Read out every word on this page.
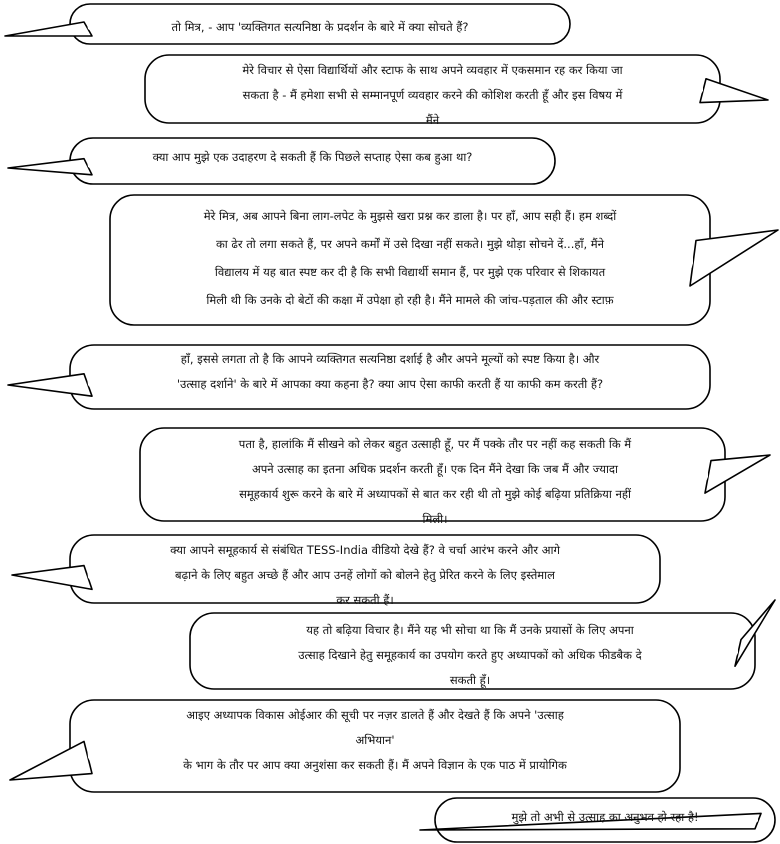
तो मित्र, - आप 'व्यक्तिगत सत्यनिष्ठा के प्रदर्शन के बारे में क्या सोचते हैं?

मेरे विचार से ऐसा विद्यार्थियों और स्टाफ के साथ अपने व्यवहार में एकसमान रह कर किया जा

सकता है - मैं हमेशा सभी से सम्मानपूर्ण व्यवहार करने की कोशिश करती हूँ और इस विषय में

मैंने

क्या आप मुझे एक उदाहरण दे सकती हैं कि पिछले सप्ताह ऐसा कब हुआ था?

मेरे मित्र, अब आपने बिना लाग-लपेट के मुझसे खरा प्रश्न कर डाला है। पर हाँ, आप सही हैं। हम शब्दों

का ढेर तो लगा सकते हैं, पर अपने कर्मों में उसे दिखा नहीं सकते। मुझे थोड़ा सोचने दें...हाँ, मैंने

विद्यालय में यह बात स्पष्ट कर दी है कि सभी विद्यार्थी समान हैं, पर मुझे एक परिवार से शिकायत

मिली थी कि उनके दो बेटों की कक्षा में उपेक्षा हो रही है। मैंने मामले की जांच-पड़ताल की और स्टाफ़

हाँ, इससे लगता तो है कि आपने व्यक्तिगत सत्यनिष्ठा दर्शाई है और अपने मूल्यों को स्पष्ट किया है। और

'उत्साह दर्शाने' के बारे में आपका क्या कहना है? क्या आप ऐसा काफी करती हैं या काफी कम करती हैं?

पता है, हालांकि मैं सीखने को लेकर बहुत उत्साही हूँ, पर मैं पक्के तौर पर नहीं कह सकती कि मैं

अपने उत्साह का इतना अधिक प्रदर्शन करती हूँ। एक दिन मैंने देखा कि जब मैं और ज्यादा

समूहकार्य शुरू करने के बारे में अध्यापकों से बात कर रही थी तो मुझे कोई बढ़िया प्रतिक्रिया नहीं

मिली।

क्या आपने समूहकार्य से संबंधित TESS-India वीडियो देखे हैं? वे चर्चा आरंभ करने और आगे

बढ़ाने के लिए बहुत अच्छे हैं और आप उनहें लोगों को बोलने हेतु प्रेरित करने के लिए इस्तेमाल

कर सकती हैं।

यह तो बढ़िया विचार है। मैंने यह भी सोचा था कि मैं उनके प्रयासों के लिए अपना

उत्साह दिखाने हेतु समूहकार्य का उपयोग करते हुए अध्यापकों को अधिक फीडबैक दे

सकती हूँ।

आइए अध्यापक विकास ओईआर की सूची पर नज़र डालते हैं और देखते हैं कि अपने 'उत्साह

अभियान'

के भाग के तौर पर आप क्या अनुशंसा कर सकती हैं। मैं अपने विज्ञान के एक पाठ में प्रायोगिक

मुझे तो अभी से उत्साह का अनुभव हो रहा है!
